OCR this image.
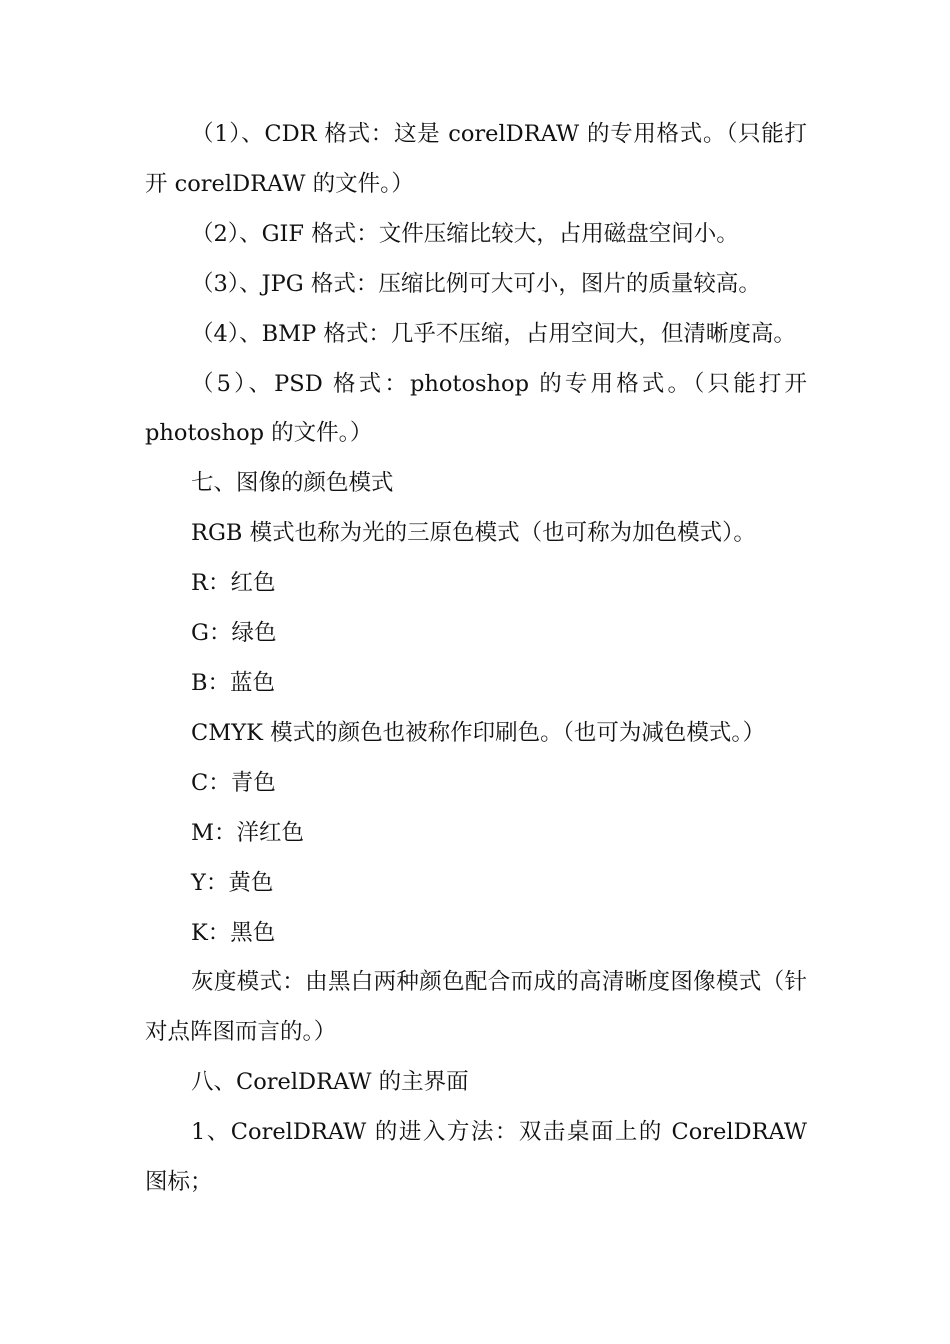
（1）、CDR 格式：这是 corelDRAW 的专用格式。（只能打开 corelDRAW 的文件。）

（2）、GIF 格式：文件压缩比较大，占用磁盘空间小。

（3）、JPG 格式：压缩比例可大可小，图片的质量较高。

（4）、BMP 格式：几乎不压缩，占用空间大，但清晰度高。

（5）、PSD 格式：photoshop 的专用格式。（只能打开 photoshop 的文件。）

七、图像的颜色模式

RGB 模式也称为光的三原色模式（也可称为加色模式）。

R：红色

G：绿色

B：蓝色

CMYK 模式的颜色也被称作印刷色。（也可为减色模式。）

C：青色

M：洋红色

Y：黄色

K：黑色

灰度模式：由黑白两种颜色配合而成的高清晰度图像模式（针对点阵图而言的。）

八、CorelDRAW 的主界面

1、CorelDRAW 的进入方法：双击桌面上的 CorelDRAW 图标；
